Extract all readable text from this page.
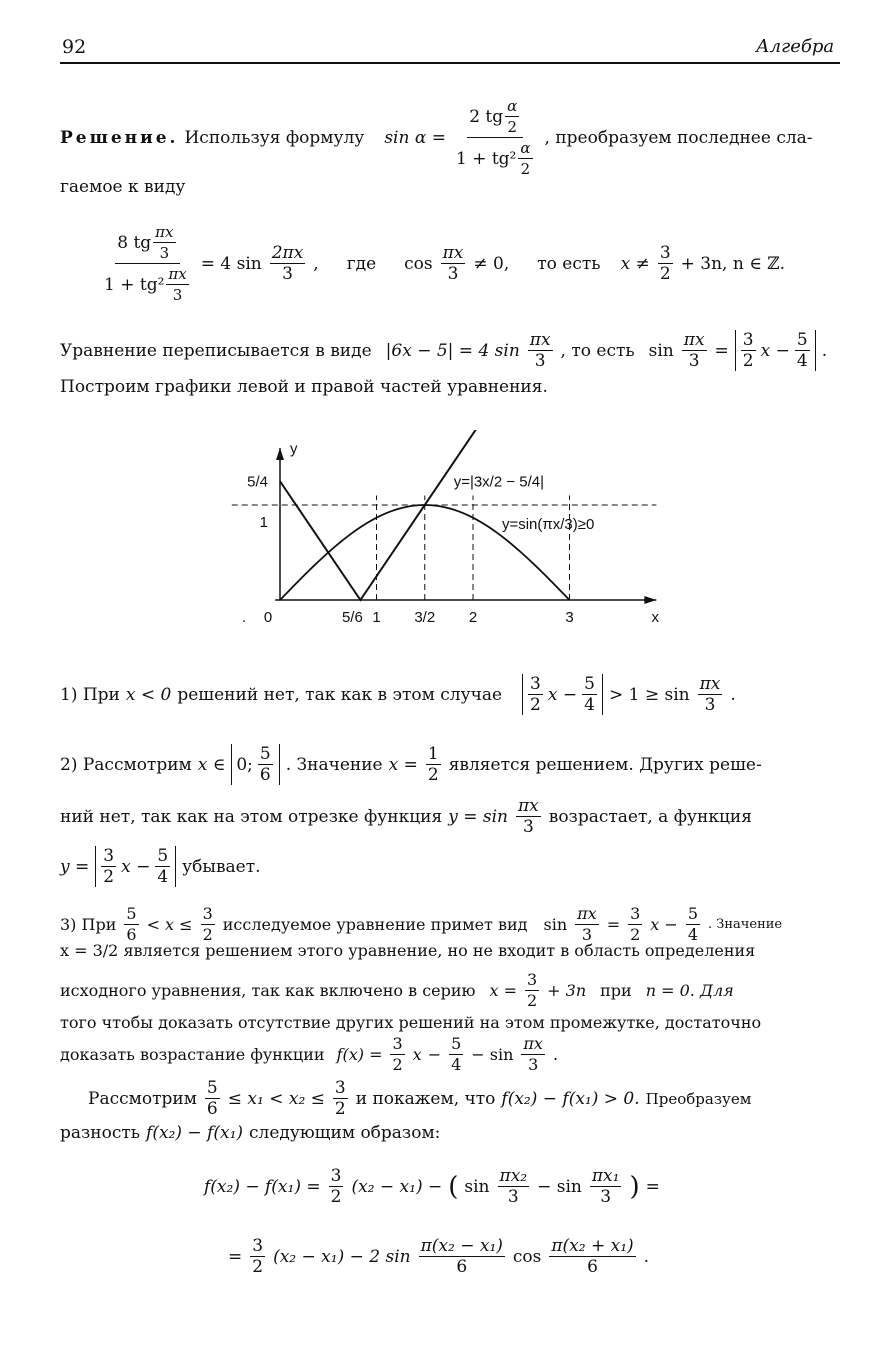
92	Алгебра
Решение. Используя формулу $\sin \alpha = \frac{2 tg \frac{\alpha}{2}}{1 + tg^2 \frac{\alpha}{2}}$ , преобразуем последнее сла-
гаемое к виду
$\frac{8 tg \frac{\pi x}{3}}{1 + tg^2 \frac{\pi x}{3}} = 4$ $\sin \frac{2\pi x}{3}$ , где $\cos \frac{\pi x}{3} \ne 0$, то есть $x \ne \frac{3}{2} + 3n$, n ∈ ℤ.
Уравнение переписывается в виде |6x − 5| = 4 $\sin \frac{\pi x}{3}$ , то есть $\sin \frac{\pi x}{3} = \frac{3}{2}$ $x - \frac{5}{4}$ .
Построим графики левой и правой частей уравнения.
0	5/6 1 3/2 2	3
5/4
1
.	x
y
y=|3x/2 − 5/4|
y=sin(πx/3)≥0
1) При x < 0 решений нет, так как в этом случае $\frac{3}{2}$ $x - \frac{5}{4} > 1 \ge \sin \frac{\pi x}{3}$ .
2) Рассмотрим x ∈ 0; $\frac{5}{6}$ . Значение $x = \frac{1}{2}$ является решением. Других реше-
ний нет, так как на этом отрезке функция $y = \sin \frac{\pi x}{3}$ возрастает, а функция
$y = \frac{3}{2}$ $x - \frac{5}{4}$ убывает.
3) При $\frac{5}{6} < x \le \frac{3}{2}$ исследуемое уравнение примет вид $\sin \frac{\pi x}{3} = \frac{3}{2}$ $x - \frac{5}{4}$ . Значение
x = 3/2 является решением этого уравнение, но не входит в область определения
исходного уравнения, так как включено в серию $x = \frac{3}{2} + 3n$ при n = 0. Для
того чтобы доказать отсутствие других решений на этом промежутке, достаточно
доказать возрастание функции $f(x) = \frac{3}{2}$ $x - \frac{5}{4} - \sin \frac{\pi x}{3}$ .
Рассмотрим $\frac{5}{6} \le x_1 < x_2 \le \frac{3}{2}$ и покажем, что f(x₂) − f(x₁) > 0. Преобразуем
разность f(x₂) − f(x₁) следующим образом:
$f(x_2) - f(x_1) = \frac{3}{2} (x_2 - x_1)$ − ( $\sin \frac{\text{πx₂}}{3} - \sin \frac{\text{πx₁}}{3}$ ) =
= $\frac{3}{2} (x_2 - x_1) - 2$ $\sin \frac{\text{π(x₂ − x₁)}}{6}$ $\cos \frac{\text{π(x₂ + x₁)}}{6}$ .
